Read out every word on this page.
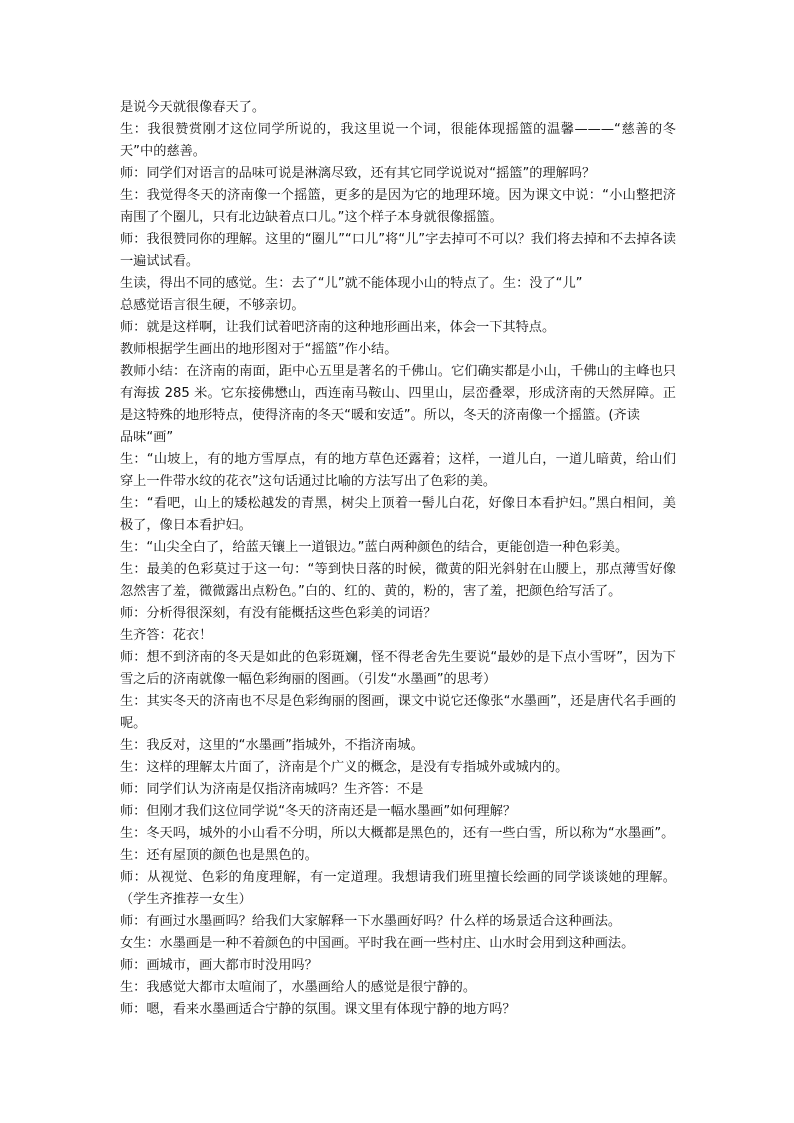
是说今天就很像春天了。

生：我很赞赏刚才这位同学所说的，我这里说一个词，很能体现摇篮的温馨———“慈善的冬天”中的慈善。

师：同学们对语言的品味可说是淋漓尽致，还有其它同学说说对“摇篮”的理解吗？

生：我觉得冬天的济南像一个摇篮，更多的是因为它的地理环境。因为课文中说：“小山整把济南围了个圈儿，只有北边缺着点口儿。”这个样子本身就很像摇篮。

师：我很赞同你的理解。这里的“圈儿”“口儿”将“儿”字去掉可不可以？我们将去掉和不去掉各读一遍试试看。

生读，得出不同的感觉。生：去了“儿”就不能体现小山的特点了。生：没了“儿”

总感觉语言很生硬，不够亲切。

师：就是这样啊，让我们试着吧济南的这种地形画出来，体会一下其特点。

教师根据学生画出的地形图对于“摇篮”作小结。

教师小结：在济南的南面，距中心五里是著名的千佛山。它们确实都是小山，千佛山的主峰也只有海拔 285 米。它东接佛懋山，西连南马鞍山、四里山，层峦叠翠，形成济南的天然屏障。正是这特殊的地形特点，使得济南的冬天“暖和安适”。所以，冬天的济南像一个摇篮。(齐读

品味“画”

生：“山坡上，有的地方雪厚点，有的地方草色还露着；这样，一道儿白，一道儿暗黄，给山们穿上一件带水纹的花衣”这句话通过比喻的方法写出了色彩的美。

生：“看吧，山上的矮松越发的青黑，树尖上顶着一髻儿白花，好像日本看护妇。”黑白相间，美极了，像日本看护妇。

生：“山尖全白了，给蓝天镶上一道银边。”蓝白两种颜色的结合，更能创造一种色彩美。

生：最美的色彩莫过于这一句：“等到快日落的时候，微黄的阳光斜射在山腰上，那点薄雪好像忽然害了羞，微微露出点粉色。”白的、红的、黄的，粉的，害了羞，把颜色给写活了。

师：分析得很深刻，有没有能概括这些色彩美的词语？

生齐答：花衣！

师：想不到济南的冬天是如此的色彩斑斓，怪不得老舍先生要说“最妙的是下点小雪呀”，因为下雪之后的济南就像一幅色彩绚丽的图画。（引发“水墨画”的思考）

生：其实冬天的济南也不尽是色彩绚丽的图画，课文中说它还像张“水墨画”，还是唐代名手画的呢。

生：我反对，这里的“水墨画”指城外，不指济南城。

生：这样的理解太片面了，济南是个广义的概念，是没有专指城外或城内的。

师：同学们认为济南是仅指济南城吗？生齐答：不是

师：但刚才我们这位同学说“冬天的济南还是一幅水墨画”如何理解？

生：冬天吗，城外的小山看不分明，所以大概都是黑色的，还有一些白雪，所以称为“水墨画”。

生：还有屋顶的颜色也是黑色的。

师：从视觉、色彩的角度理解，有一定道理。我想请我们班里擅长绘画的同学谈谈她的理解。（学生齐推荐一女生）

师：有画过水墨画吗？给我们大家解释一下水墨画好吗？什么样的场景适合这种画法。

女生：水墨画是一种不着颜色的中国画。平时我在画一些村庄、山水时会用到这种画法。

师：画城市，画大都市时没用吗？

生：我感觉大都市太喧闹了，水墨画给人的感觉是很宁静的。

师：嗯，看来水墨画适合宁静的氛围。课文里有体现宁静的地方吗？
